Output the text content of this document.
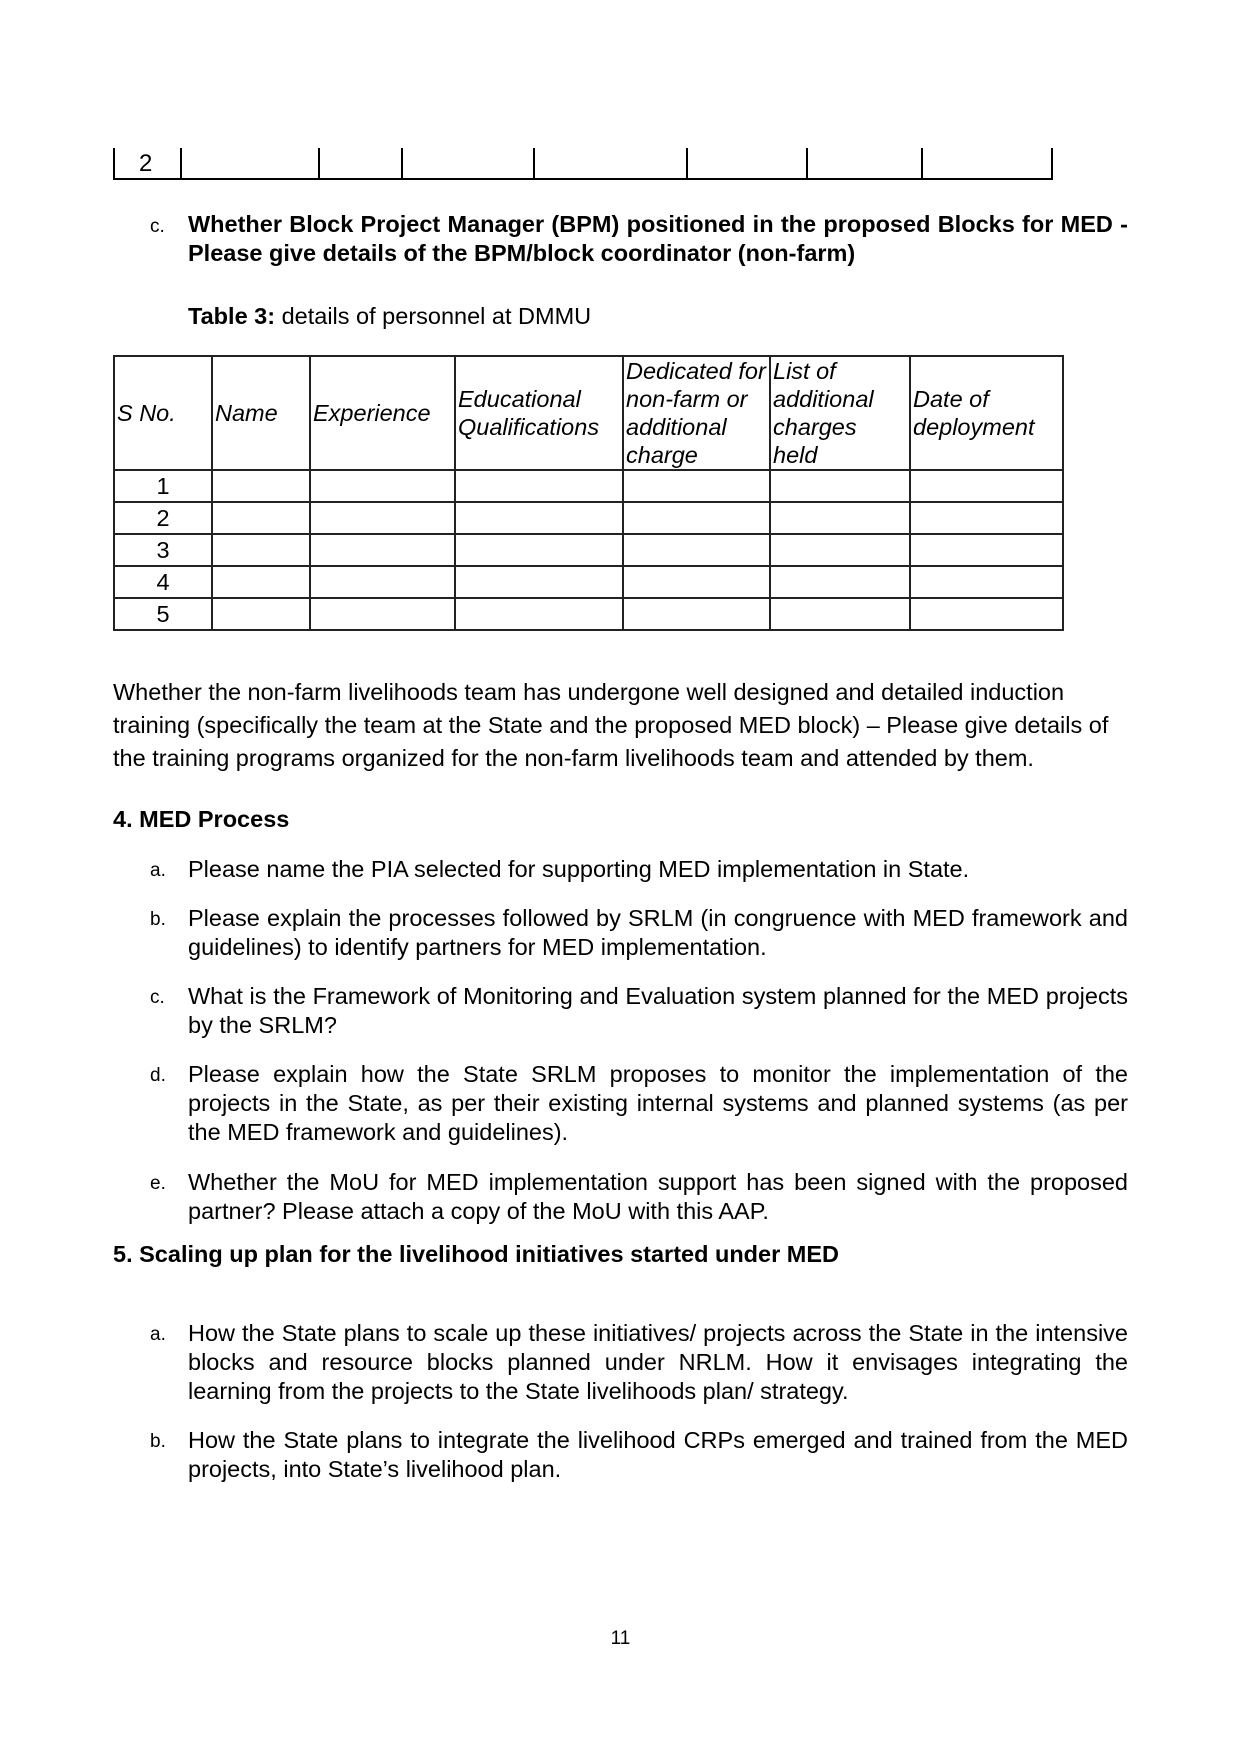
2
c. Whether Block Project Manager (BPM) positioned in the proposed Blocks for MED - Please give details of the BPM/block coordinator (non-farm)
Table 3: details of personnel at DMMU
S No.	Name	Experience	Educational Qualifications	Dedicated for non-farm or additional charge	List of additional charges held	Date of deployment
1						
2						
3						
4						
5						
Whether the non-farm livelihoods team has undergone well designed and detailed induction training (specifically the team at the State and the proposed MED block) – Please give details of the training programs organized for the non-farm livelihoods team and attended by them.
4. MED Process
a. Please name the PIA selected for supporting MED implementation in State.
b. Please explain the processes followed by SRLM (in congruence with MED framework and guidelines) to identify partners for MED implementation.
c. What is the Framework of Monitoring and Evaluation system planned for the MED projects by the SRLM?
d. Please explain how the State SRLM proposes to monitor the implementation of the projects in the State, as per their existing internal systems and planned systems (as per the MED framework and guidelines).
e. Whether the MoU for MED implementation support has been signed with the proposed partner? Please attach a copy of the MoU with this AAP.
5. Scaling up plan for the livelihood initiatives started under MED
a. How the State plans to scale up these initiatives/ projects across the State in the intensive blocks and resource blocks planned under NRLM. How it envisages integrating the learning from the projects to the State livelihoods plan/ strategy.
b. How the State plans to integrate the livelihood CRPs emerged and trained from the MED projects, into State’s livelihood plan.
11
